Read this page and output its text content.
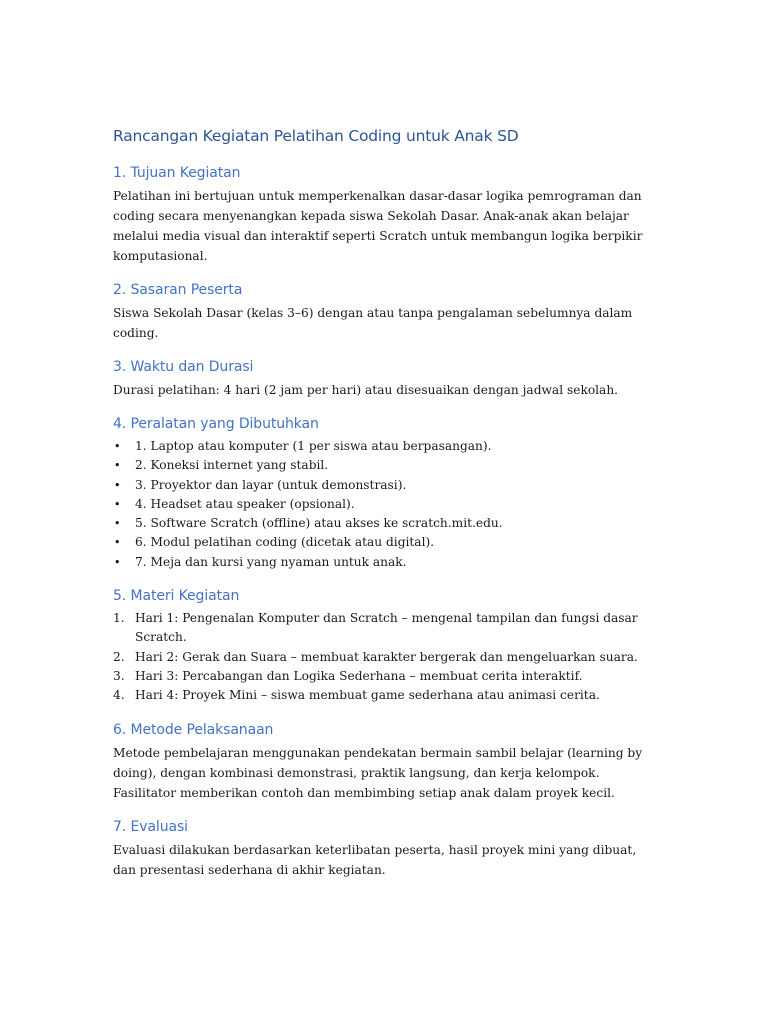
Rancangan Kegiatan Pelatihan Coding untuk Anak SD
1. Tujuan Kegiatan

Pelatihan ini bertujuan untuk memperkenalkan dasar-dasar logika pemrograman dan coding secara menyenangkan kepada siswa Sekolah Dasar. Anak-anak akan belajar melalui media visual dan interaktif seperti Scratch untuk membangun logika berpikir komputasional.

2. Sasaran Peserta

Siswa Sekolah Dasar (kelas 3–6) dengan atau tanpa pengalaman sebelumnya dalam coding.

3. Waktu dan Durasi

Durasi pelatihan: 4 hari (2 jam per hari) atau disesuaikan dengan jadwal sekolah.

4. Peralatan yang Dibutuhkan
• 1. Laptop atau komputer (1 per siswa atau berpasangan).
• 2. Koneksi internet yang stabil.
• 3. Proyektor dan layar (untuk demonstrasi).
• 4. Headset atau speaker (opsional).
• 5. Software Scratch (offline) atau akses ke scratch.mit.edu.
• 6. Modul pelatihan coding (dicetak atau digital).
• 7. Meja dan kursi yang nyaman untuk anak.
5. Materi Kegiatan
1. Hari 1: Pengenalan Komputer dan Scratch – mengenal tampilan dan fungsi dasar Scratch.
2. Hari 2: Gerak dan Suara – membuat karakter bergerak dan mengeluarkan suara.
3. Hari 3: Percabangan dan Logika Sederhana – membuat cerita interaktif.
4. Hari 4: Proyek Mini – siswa membuat game sederhana atau animasi cerita.
6. Metode Pelaksanaan

Metode pembelajaran menggunakan pendekatan bermain sambil belajar (learning by doing), dengan kombinasi demonstrasi, praktik langsung, dan kerja kelompok. Fasilitator memberikan contoh dan membimbing setiap anak dalam proyek kecil.

7. Evaluasi

Evaluasi dilakukan berdasarkan keterlibatan peserta, hasil proyek mini yang dibuat, dan presentasi sederhana di akhir kegiatan.
